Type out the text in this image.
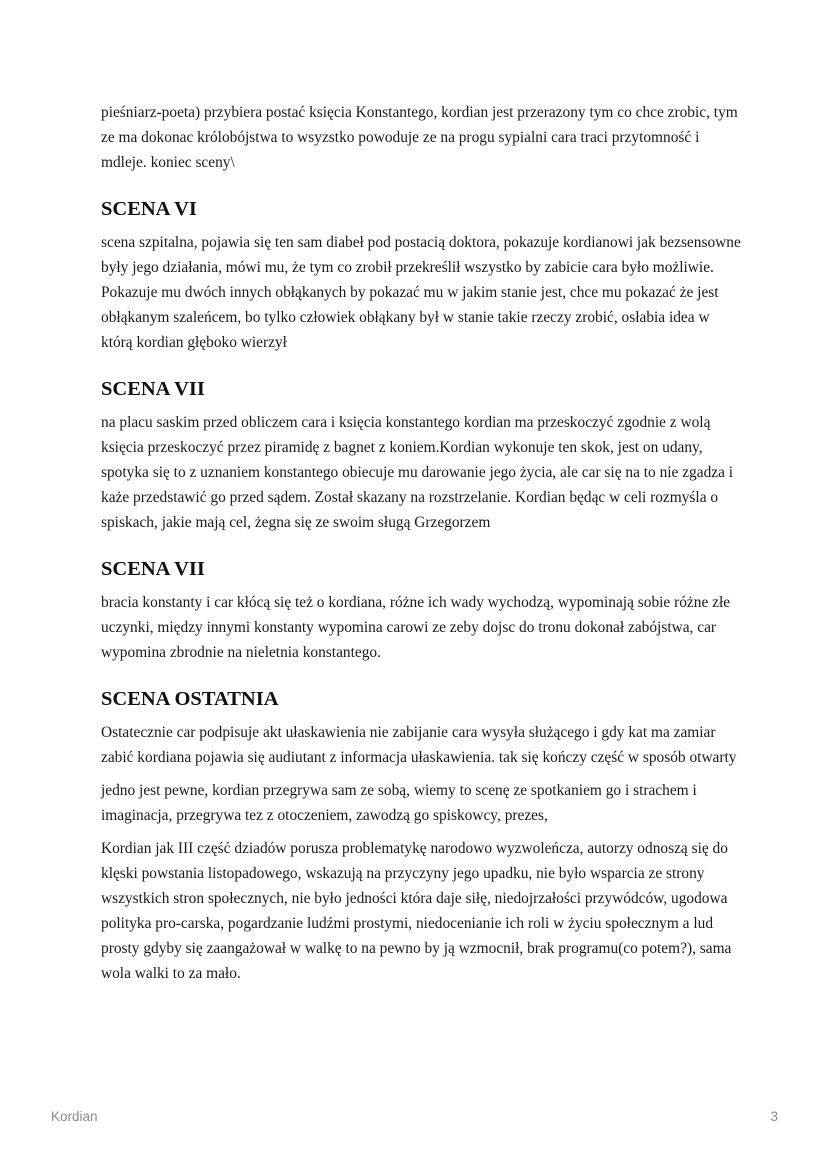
pieśniarz-poeta) przybiera postać księcia Konstantego, kordian jest przerazony tym co chce zrobic, tym ze ma dokonac królobójstwa to wsyzstko powoduje ze na progu sypialni cara traci przytomność i mdleje. koniec sceny\

SCENA VI

scena szpitalna, pojawia się ten sam diabeł pod postacią doktora, pokazuje kordianowi jak bezsensowne były jego działania, mówi mu, że tym co zrobił przekreślił wszystko by zabicie cara było możliwie. Pokazuje mu dwóch innych obłąkanych by pokazać mu w jakim stanie jest, chce mu pokazać że jest obłąkanym szaleńcem, bo tylko człowiek obłąkany był w stanie takie rzeczy zrobić, osłabia idea w którą kordian głęboko wierzył

SCENA VII

na placu saskim przed obliczem cara i księcia konstantego kordian ma przeskoczyć zgodnie z wolą księcia przeskoczyć przez piramidę z bagnet z koniem.Kordian wykonuje ten skok, jest on udany, spotyka się to z uznaniem konstantego obiecuje mu darowanie jego życia, ale car się na to nie zgadza i każe przedstawić go przed sądem. Został skazany na rozstrzelanie. Kordian będąc w celi rozmyśla o spiskach, jakie mają cel, żegna się ze swoim sługą Grzegorzem

SCENA VII

bracia konstanty i car kłócą się też o kordiana, różne ich wady wychodzą, wypominają sobie różne złe uczynki, między innymi konstanty wypomina carowi ze zeby dojsc do tronu dokonał zabójstwa, car wypomina zbrodnie na nieletnia konstantego.

SCENA OSTATNIA

Ostatecznie car podpisuje akt ułaskawienia nie zabijanie cara wysyła służącego i gdy kat ma zamiar zabić kordiana pojawia się audiutant z informacja ułaskawienia. tak się kończy część w sposób otwarty

jedno jest pewne, kordian przegrywa sam ze sobą, wiemy to scenę ze spotkaniem go i strachem i imaginacja, przegrywa tez z otoczeniem, zawodzą go spiskowcy, prezes,

Kordian jak III część dziadów porusza problematykę narodowo wyzwoleńcza, autorzy odnoszą się do klęski powstania listopadowego, wskazują na przyczyny jego upadku, nie było wsparcia ze strony wszystkich stron społecznych, nie było jedności która daje siłę, niedojrzałości przywódców, ugodowa polityka pro-carska, pogardzanie ludźmi prostymi, niedocenianie ich roli w życiu społecznym a lud prosty gdyby się zaangażował w walkę to na pewno by ją wzmocnił, brak programu(co potem?), sama wola walki to za mało.

Kordian	3
